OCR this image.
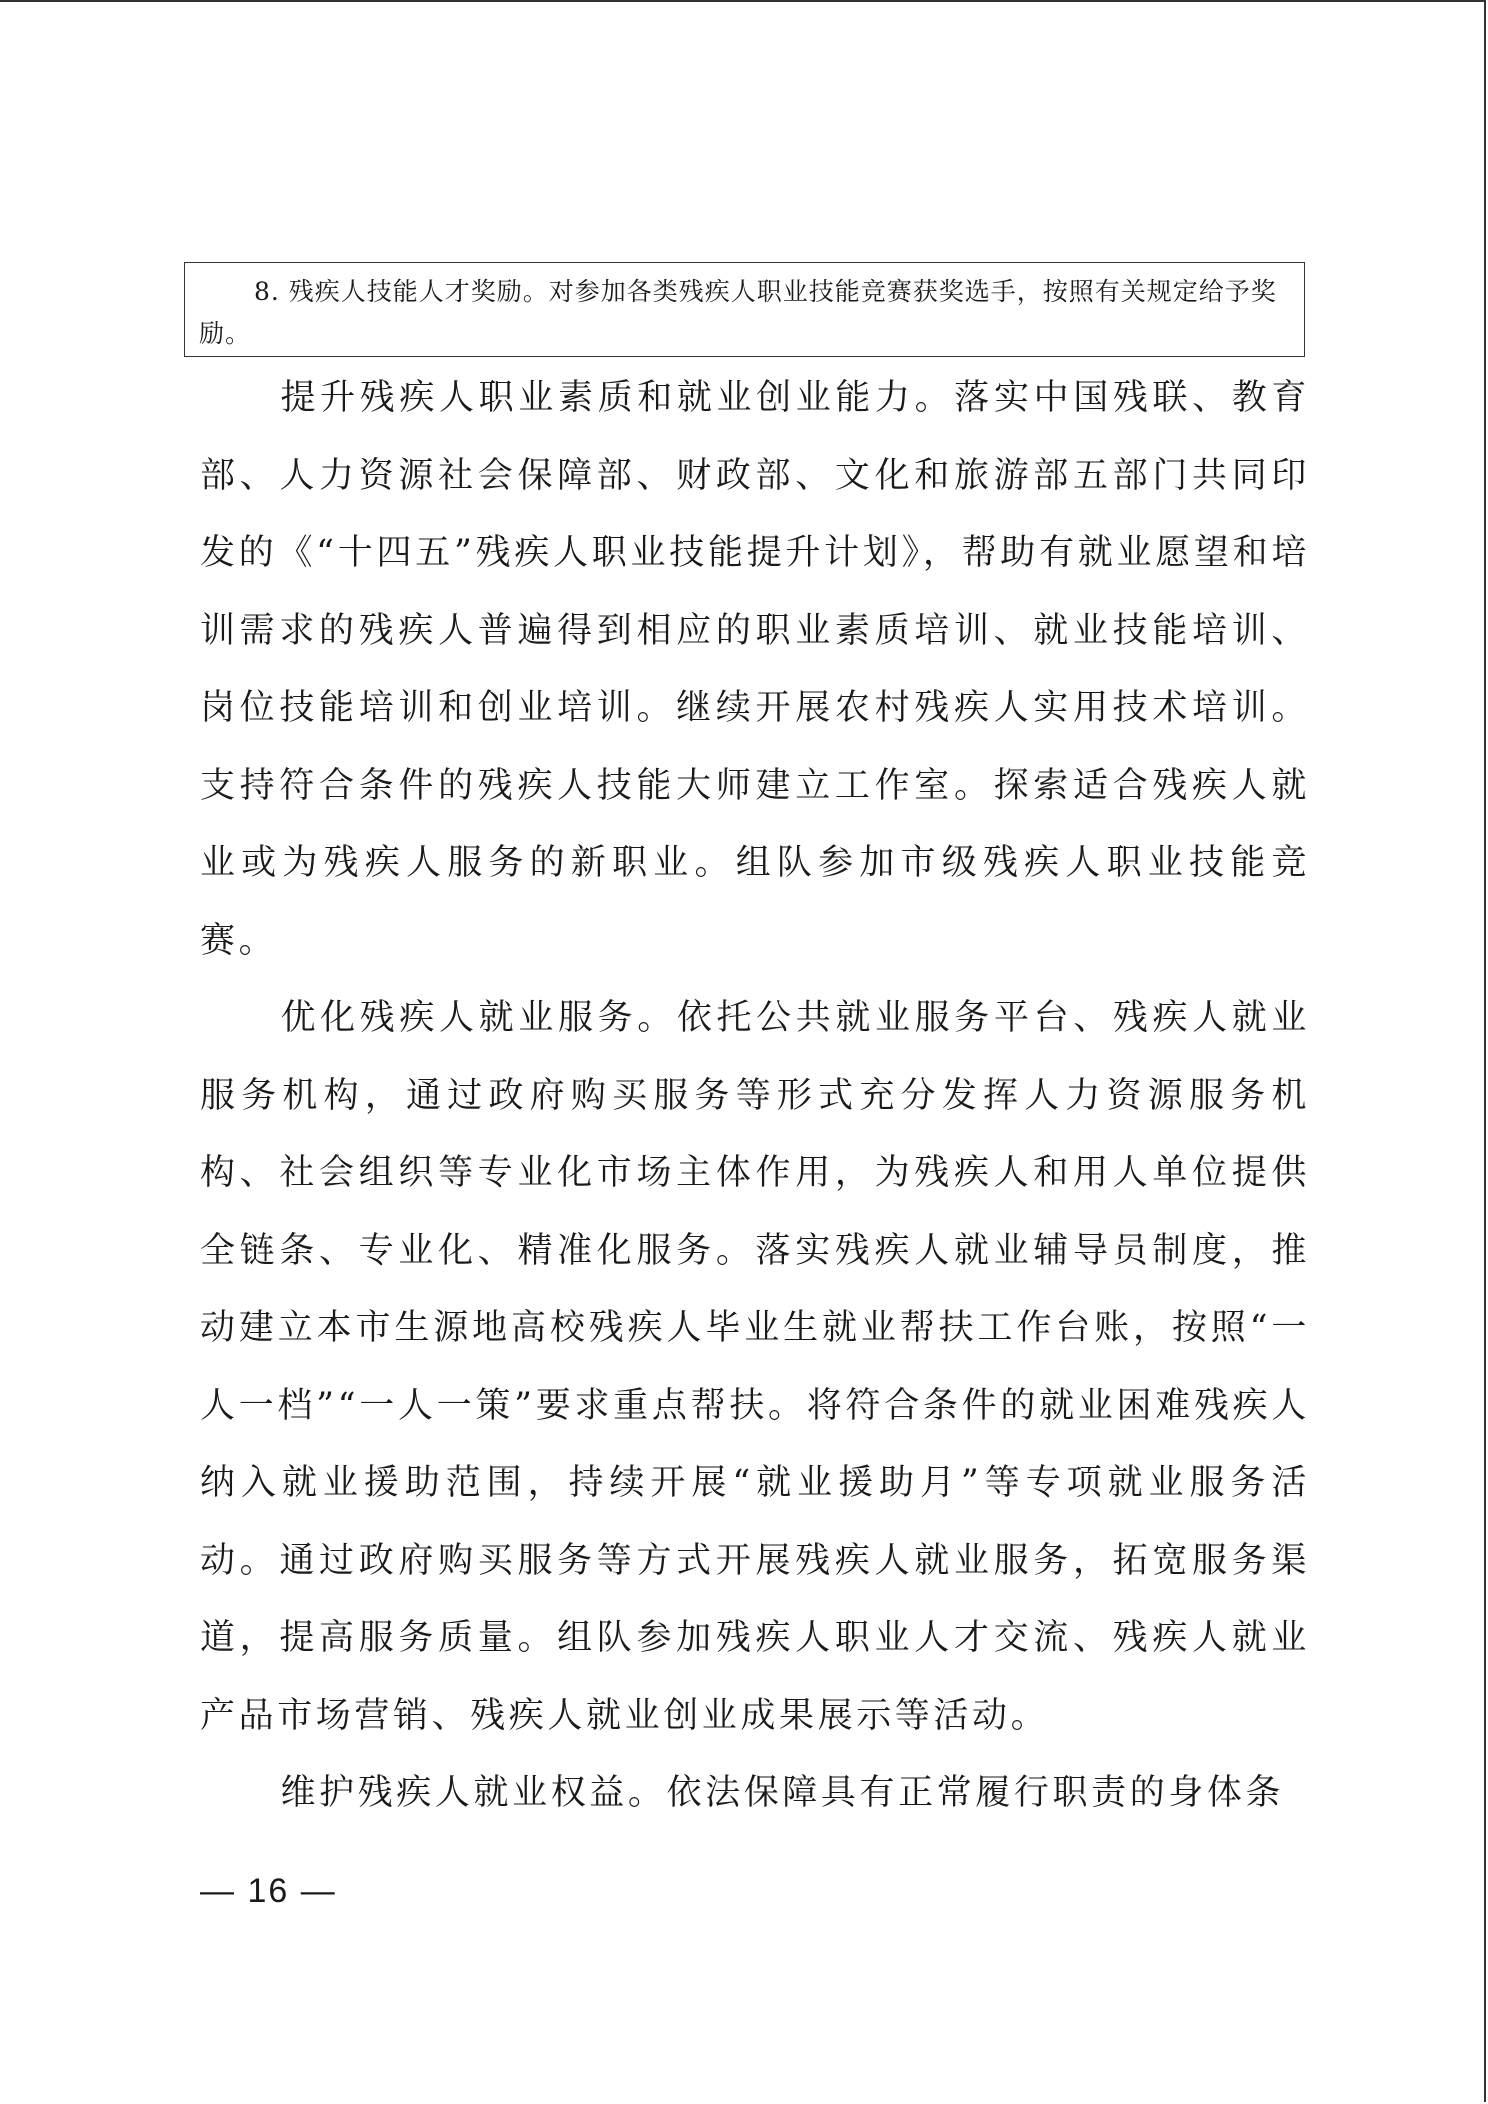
8. 残疾人技能人才奖励。对参加各类残疾人职业技能竞赛获奖选手，按照有关规定给予奖励。

提升残疾人职业素质和就业创业能力。落实中国残联、教育部、人力资源社会保障部、财政部、文化和旅游部五部门共同印发的《“十四五”残疾人职业技能提升计划》，帮助有就业愿望和培训需求的残疾人普遍得到相应的职业素质培训、就业技能培训、岗位技能培训和创业培训。继续开展农村残疾人实用技术培训。支持符合条件的残疾人技能大师建立工作室。探索适合残疾人就业或为残疾人服务的新职业。组队参加市级残疾人职业技能竞赛。

优化残疾人就业服务。依托公共就业服务平台、残疾人就业服务机构，通过政府购买服务等形式充分发挥人力资源服务机构、社会组织等专业化市场主体作用，为残疾人和用人单位提供全链条、专业化、精准化服务。落实残疾人就业辅导员制度，推动建立本市生源地高校残疾人毕业生就业帮扶工作台账，按照“一人一档”“一人一策”要求重点帮扶。将符合条件的就业困难残疾人纳入就业援助范围，持续开展“就业援助月”等专项就业服务活动。通过政府购买服务等方式开展残疾人就业服务，拓宽服务渠道，提高服务质量。组队参加残疾人职业人才交流、残疾人就业产品市场营销、残疾人就业创业成果展示等活动。

维护残疾人就业权益。依法保障具有正常履行职责的身体条

— 16 —
